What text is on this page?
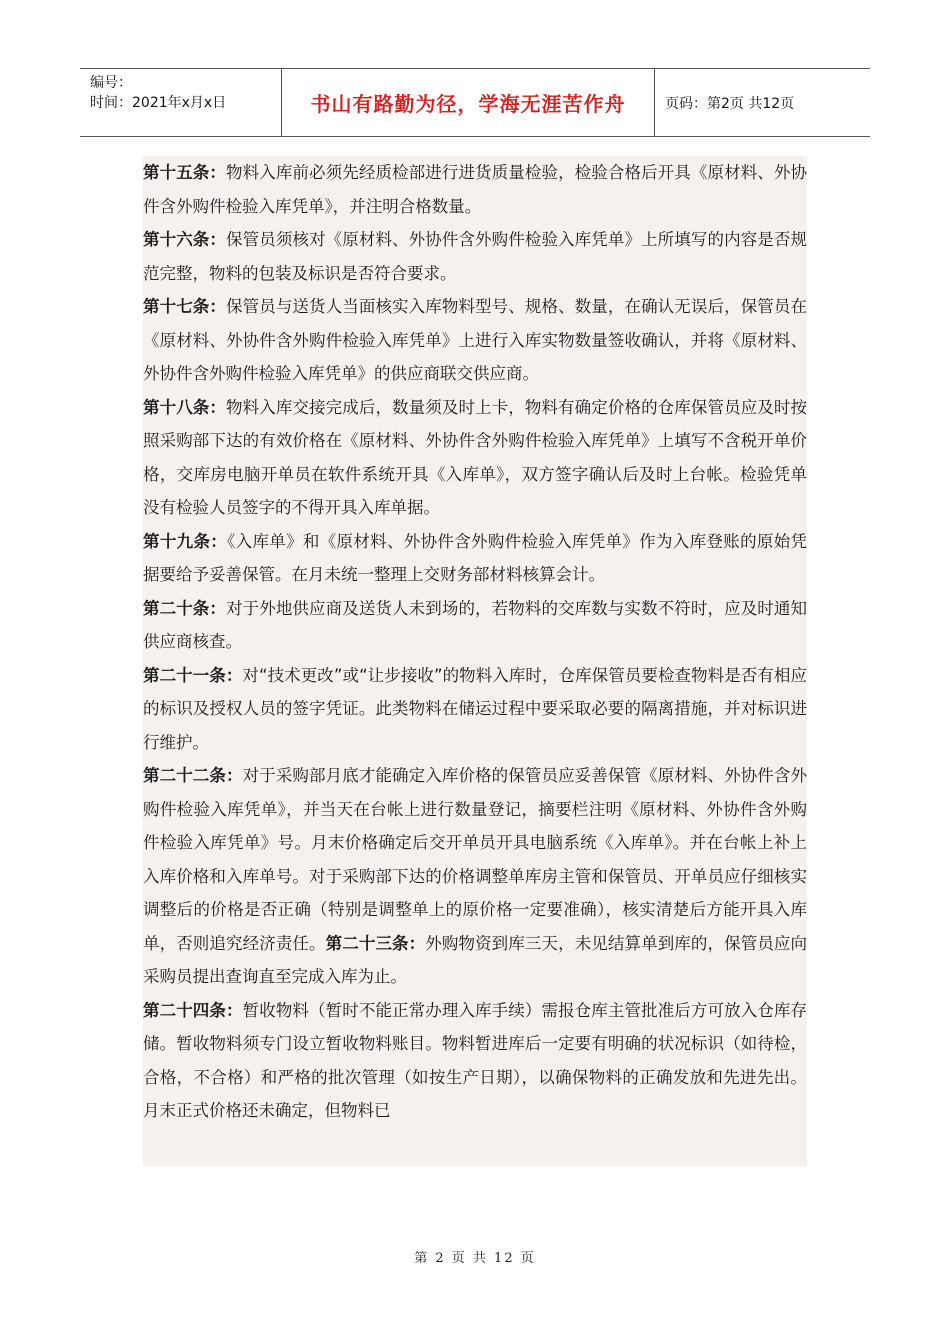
编号：
时间：2021年x月x日	书山有路勤为径，学海无涯苦作舟	页码：第2页 共12页

第十五条：物料入库前必须先经质检部进行进货质量检验，检验合格后开具《原材料、外协件含外购件检验入库凭单》，并注明合格数量。

第十六条：保管员须核对《原材料、外协件含外购件检验入库凭单》上所填写的内容是否规范完整，物料的包装及标识是否符合要求。

第十七条：保管员与送货人当面核实入库物料型号、规格、数量，在确认无误后，保管员在《原材料、外协件含外购件检验入库凭单》上进行入库实物数量签收确认，并将《原材料、外协件含外购件检验入库凭单》的供应商联交供应商。

第十八条：物料入库交接完成后，数量须及时上卡，物料有确定价格的仓库保管员应及时按照采购部下达的有效价格在《原材料、外协件含外购件检验入库凭单》上填写不含税开单价格，交库房电脑开单员在软件系统开具《入库单》，双方签字确认后及时上台帐。检验凭单没有检验人员签字的不得开具入库单据。

第十九条：《入库单》和《原材料、外协件含外购件检验入库凭单》作为入库登账的原始凭据要给予妥善保管。在月未统一整理上交财务部材料核算会计。

第二十条：对于外地供应商及送货人未到场的，若物料的交库数与实数不符时，应及时通知供应商核查。

第二十一条：对“技术更改”或“让步接收”的物料入库时，仓库保管员要检查物料是否有相应的标识及授权人员的签字凭证。此类物料在储运过程中要采取必要的隔离措施，并对标识进行维护。

第二十二条：对于采购部月底才能确定入库价格的保管员应妥善保管《原材料、外协件含外购件检验入库凭单》，并当天在台帐上进行数量登记，摘要栏注明《原材料、外协件含外购件检验入库凭单》号。月末价格确定后交开单员开具电脑系统《入库单》。并在台帐上补上入库价格和入库单号。对于采购部下达的价格调整单库房主管和保管员、开单员应仔细核实调整后的价格是否正确（特别是调整单上的原价格一定要准确），核实清楚后方能开具入库单，否则追究经济责任。第二十三条：外购物资到库三天，未见结算单到库的，保管员应向采购员提出查询直至完成入库为止。

第二十四条：暂收物料（暂时不能正常办理入库手续）需报仓库主管批准后方可放入仓库存储。暂收物料须专门设立暂收物料账目。物料暂进库后一定要有明确的状况标识（如待检，合格，不合格）和严格的批次管理（如按生产日期），以确保物料的正确发放和先进先出。月末正式价格还未确定，但物料已

第 2 页 共 12 页
